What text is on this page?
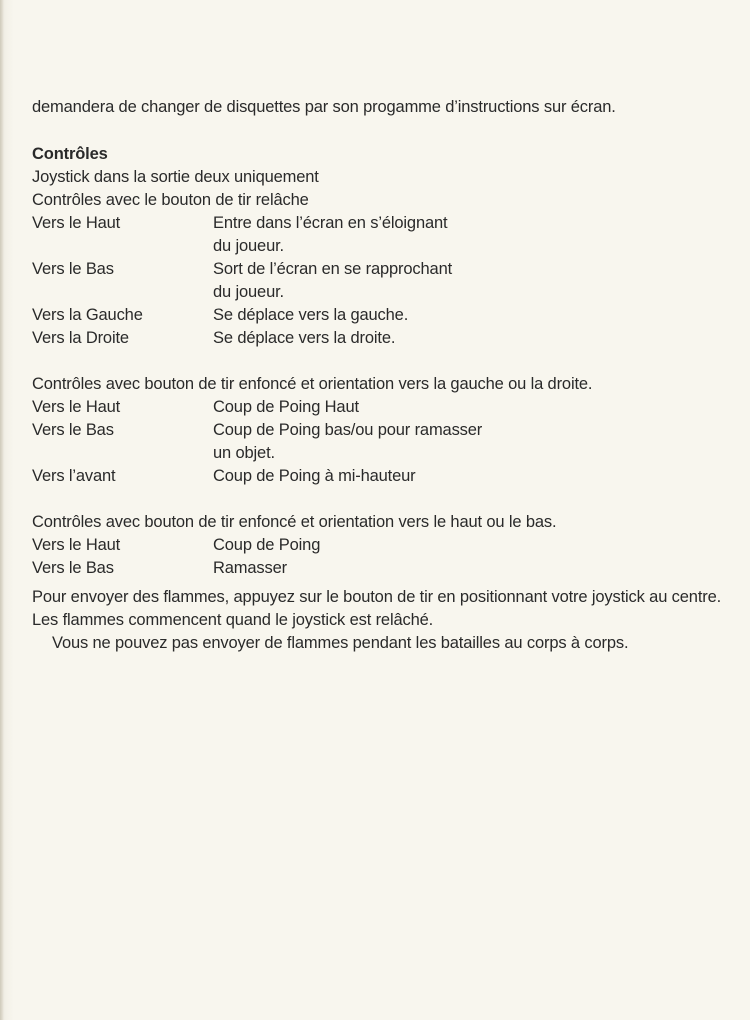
demandera de changer de disquettes par son progamme d’instructions sur écran.

Contrôles

Joystick dans la sortie deux uniquement

Contrôles avec le bouton de tir relâche

Vers le Haut	Entre dans l’écran en s’éloignant
du joueur.
Vers le Bas	Sort de l’écran en se rapprochant
du joueur.
Vers la Gauche	Se déplace vers la gauche.
Vers la Droite	Se déplace vers la droite.

Contrôles avec bouton de tir enfoncé et orientation vers la gauche ou la droite.

Vers le Haut	Coup de Poing Haut
Vers le Bas	Coup de Poing bas/ou pour ramasser
un objet.
Vers l’avant	Coup de Poing à mi-hauteur

Contrôles avec bouton de tir enfoncé et orientation vers le haut ou le bas.

Vers le Haut	Coup de Poing
Vers le Bas	Ramasser

Pour envoyer des flammes, appuyez sur le bouton de tir en positionnant votre joystick au centre. Les flammes commencent quand le joystick est relâché.

Vous ne pouvez pas envoyer de flammes pendant les batailles au corps à corps.
